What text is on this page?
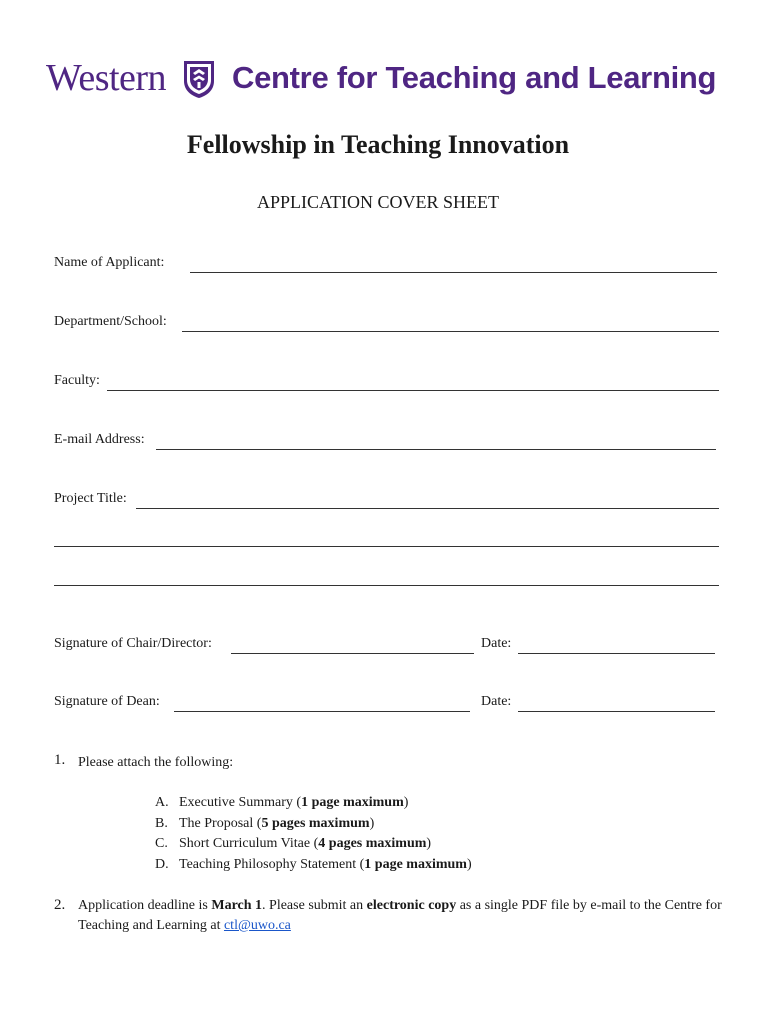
Western Centre for Teaching and Learning
Fellowship in Teaching Innovation
APPLICATION COVER SHEET
Name of Applicant:
Department/School:
Faculty:
E-mail Address:
Project Title:
Signature of Chair/Director:	Date:
Signature of Dean:	Date:
1. Please attach the following:
A. Executive Summary (1 page maximum)
B. The Proposal (5 pages maximum)
C. Short Curriculum Vitae (4 pages maximum)
D. Teaching Philosophy Statement (1 page maximum)
2. Application deadline is March 1. Please submit an electronic copy as a single PDF file by e-mail to the Centre for Teaching and Learning at ctl@uwo.ca
